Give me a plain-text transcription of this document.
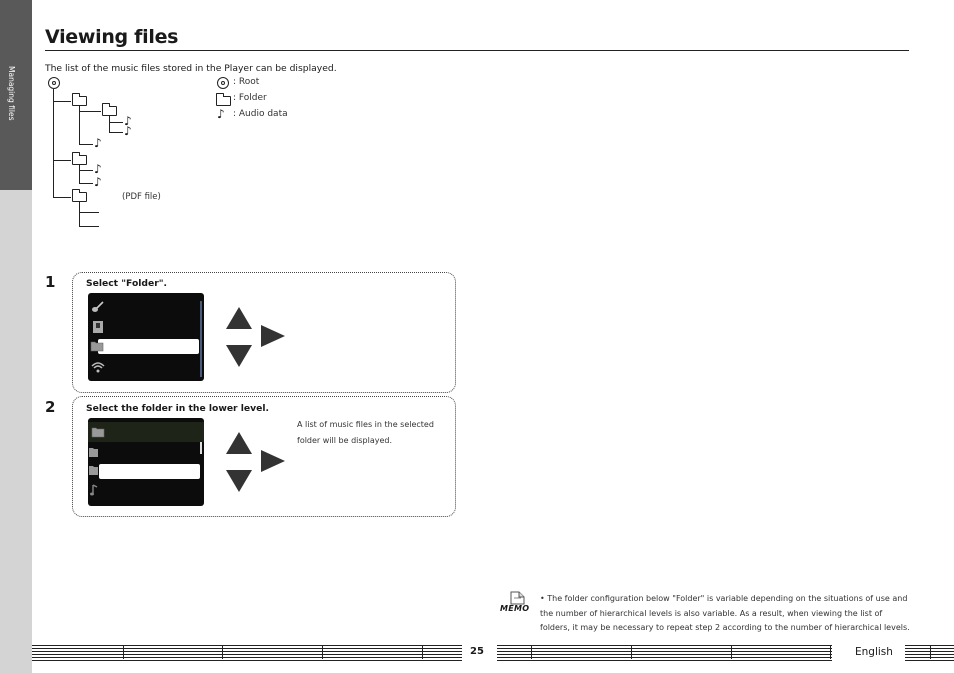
Managing files
Viewing files
The list of the music files stored in the Player can be displayed.
♪
♪
♪
♪
♪
(PDF file)
: Root
: Folder
♪ : Audio data
1	Select "Folder".
2	Select the folder in the lower level.
A list of music files in the selected folder will be displayed.
MEMO
• The folder configuration below "Folder" is variable depending on the situations of use and the number of hierarchical levels is also variable. As a result, when viewing the list of folders, it may be necessary to repeat step 2 according to the number of hierarchical levels.
25	English
